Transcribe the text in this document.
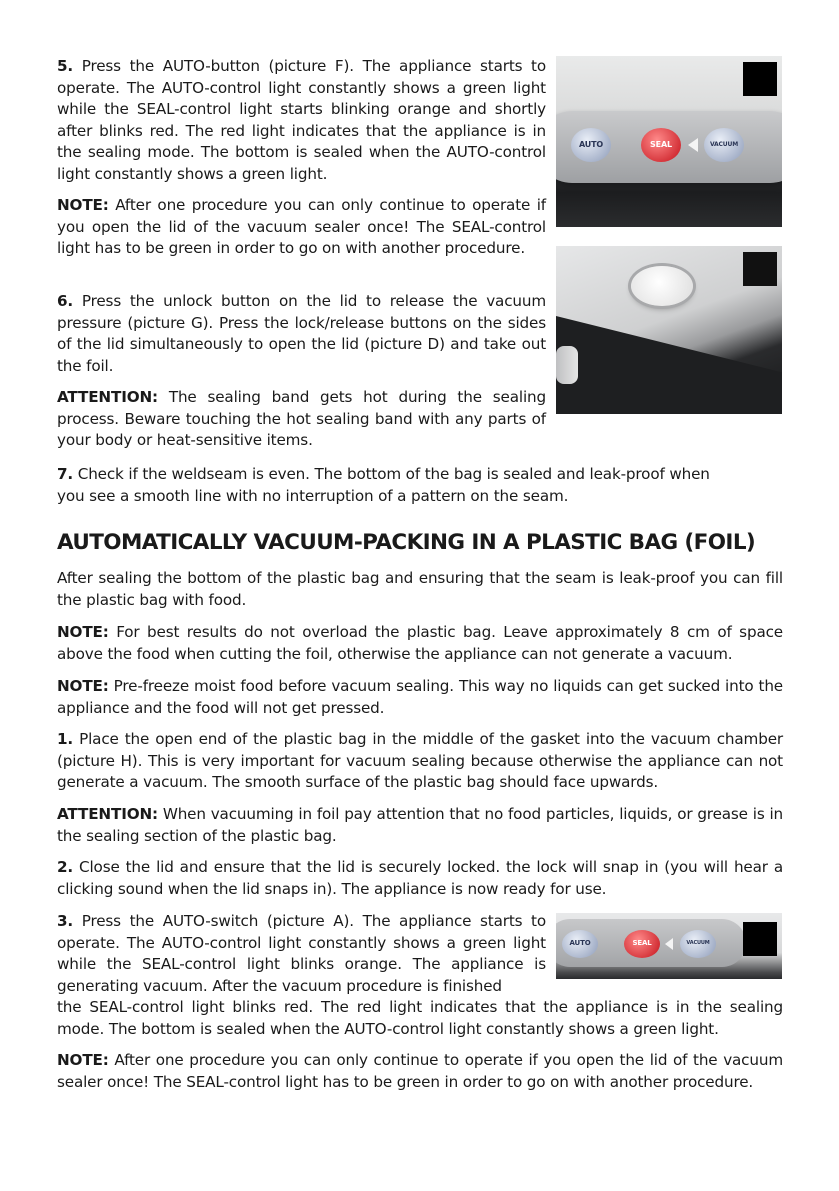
5. Press the AUTO-button (picture F). The appliance starts to operate. The AUTO-control light constantly shows a green light while the SEAL-control light starts blinking orange and shortly after blinks red. The red light indicates that the appliance is in the sealing mode. The bottom is sealed when the AUTO-control light constantly shows a green light.

NOTE: After one procedure you can only continue to operate if you open the lid of the vacuum sealer once! The SEAL-control light has to be green in order to go on with another procedure.

6. Press the unlock button on the lid to release the vacuum pressure (picture G). Press the lock/release buttons on the sides of the lid simultaneously to open the lid (picture D) and take out the foil.

ATTENTION: The sealing band gets hot during the sealing process. Beware touching the hot sealing band with any parts of your body or heat-sensitive items.

7. Check if the weldseam is even. The bottom of the bag is sealed and leak-proof when you see a smooth line with no interruption of a pattern on the seam.

AUTOMATICALLY VACUUM-PACKING IN A PLASTIC BAG (FOIL)

After sealing the bottom of the plastic bag and ensuring that the seam is leak-proof you can fill the plastic bag with food.

NOTE: For best results do not overload the plastic bag. Leave approximately 8 cm of space above the food when cutting the foil, otherwise the appliance can not generate a vacuum.

NOTE: Pre-freeze moist food before vacuum sealing. This way no liquids can get sucked into the appliance and the food will not get pressed.

1. Place the open end of the plastic bag in the middle of the gasket into the vacuum chamber (picture H). This is very important for vacuum sealing because otherwise the appliance can not generate a vacuum. The smooth surface of the plastic bag should face upwards.

ATTENTION: When vacuuming in foil pay attention that no food particles, liquids, or grease is in the sealing section of the plastic bag.

2. Close the lid and ensure that the lid is securely locked. the lock will snap in (you will hear a clicking sound when the lid snaps in). The appliance is now ready for use.

3. Press the AUTO-switch (picture A). The appliance starts to operate. The AUTO-control light constantly shows a green light while the SEAL-control light blinks orange. The appliance is generating vacuum. After the vacuum procedure is finished

the SEAL-control light blinks red. The red light indicates that the appliance is in the sealing mode. The bottom is sealed when the AUTO-control light constantly shows a green light.

NOTE: After one procedure you can only continue to operate if you open the lid of the vacuum sealer once! The SEAL-control light has to be green in order to go on with another procedure.

AUTO	SEAL	VACUUM
AUTO	SEAL	VACUUM
